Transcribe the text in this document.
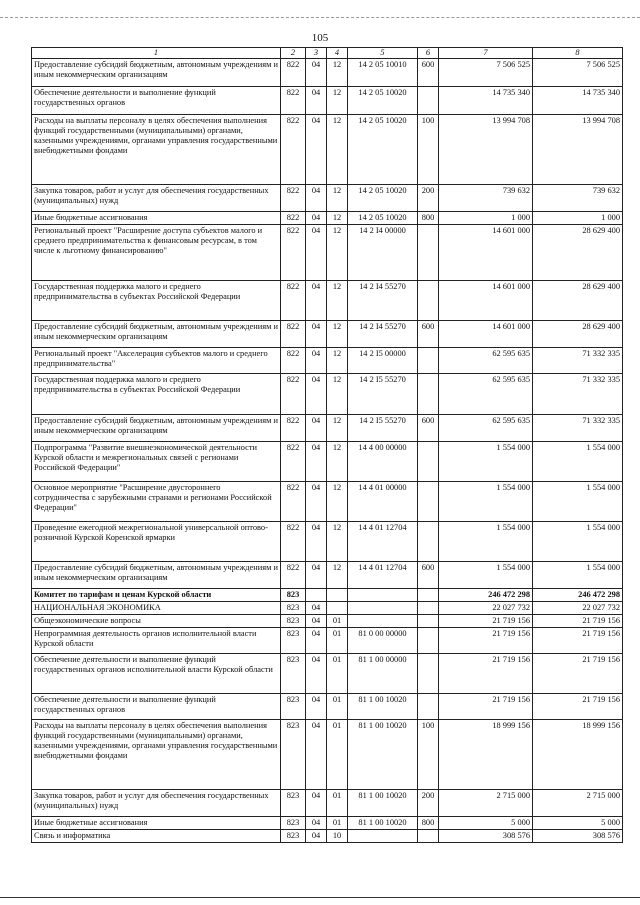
105
1	2	3	4	5	6	7	8
Предоставление субсидий бюджетным, автономным учреждениям и иным некоммерческим организациям	822	04	12	14 2 05 10010	600	7 506 525	7 506 525
Обеспечение деятельности и выполнение функций государственных органов	822	04	12	14 2 05 10020		14 735 340	14 735 340
Расходы на выплаты персоналу в целях обеспечения выполнения функций государственными (муниципальными) органами, казенными учреждениями, органами управления государственными внебюджетными фондами	822	04	12	14 2 05 10020	100	13 994 708	13 994 708
Закупка товаров, работ и услуг для обеспечения государственных (муниципальных) нужд	822	04	12	14 2 05 10020	200	739 632	739 632
Иные бюджетные ассигнования	822	04	12	14 2 05 10020	800	1 000	1 000
Региональный проект "Расширение доступа субъектов малого и среднего предпринимательства к финансовым ресурсам, в том числе к льготному финансированию"	822	04	12	14 2 I4 00000		14 601 000	28 629 400
Государственная поддержка малого и среднего предпринимательства в субъектах Российской Федерации	822	04	12	14 2 I4 55270		14 601 000	28 629 400
Предоставление субсидий бюджетным, автономным учреждениям и иным некоммерческим организациям	822	04	12	14 2 I4 55270	600	14 601 000	28 629 400
Региональный проект "Акселерация субъектов малого и среднего предпринимательства"	822	04	12	14 2 I5 00000		62 595 635	71 332 335
Государственная поддержка малого и среднего предпринимательства в субъектах Российской Федерации	822	04	12	14 2 I5 55270		62 595 635	71 332 335
Предоставление субсидий бюджетным, автономным учреждениям и иным некоммерческим организациям	822	04	12	14 2 I5 55270	600	62 595 635	71 332 335
Подпрограмма "Развитие внешнеэкономической деятельности Курской области и межрегиональных связей с регионами Российской Федерации"	822	04	12	14 4 00 00000		1 554 000	1 554 000
Основное мероприятие "Расширение двустороннего сотрудничества с зарубежными странами и регионами Российской Федерации"	822	04	12	14 4 01 00000		1 554 000	1 554 000
Проведение ежегодной межрегиональной универсальной оптово-розничной Курской Коренской ярмарки	822	04	12	14 4 01 12704		1 554 000	1 554 000
Предоставление субсидий бюджетным, автономным учреждениям и иным некоммерческим организациям	822	04	12	14 4 01 12704	600	1 554 000	1 554 000
Комитет по тарифам и ценам Курской области	823					246 472 298	246 472 298
НАЦИОНАЛЬНАЯ ЭКОНОМИКА	823	04				22 027 732	22 027 732
Общеэкономические вопросы	823	04	01			21 719 156	21 719 156
Непрограммная деятельность органов исполнительной власти Курской области	823	04	01	81 0 00 00000		21 719 156	21 719 156
Обеспечение деятельности и выполнение функций государственных органов исполнительной власти Курской области	823	04	01	81 1 00 00000		21 719 156	21 719 156
Обеспечение деятельности и выполнение функций государственных органов	823	04	01	81 1 00 10020		21 719 156	21 719 156
Расходы на выплаты персоналу в целях обеспечения выполнения функций государственными (муниципальными) органами, казенными учреждениями, органами управления государственными внебюджетными фондами	823	04	01	81 1 00 10020	100	18 999 156	18 999 156
Закупка товаров, работ и услуг для обеспечения государственных (муниципальных) нужд	823	04	01	81 1 00 10020	200	2 715 000	2 715 000
Иные бюджетные ассигнования	823	04	01	81 1 00 10020	800	5 000	5 000
Связь и информатика	823	04	10			308 576	308 576
